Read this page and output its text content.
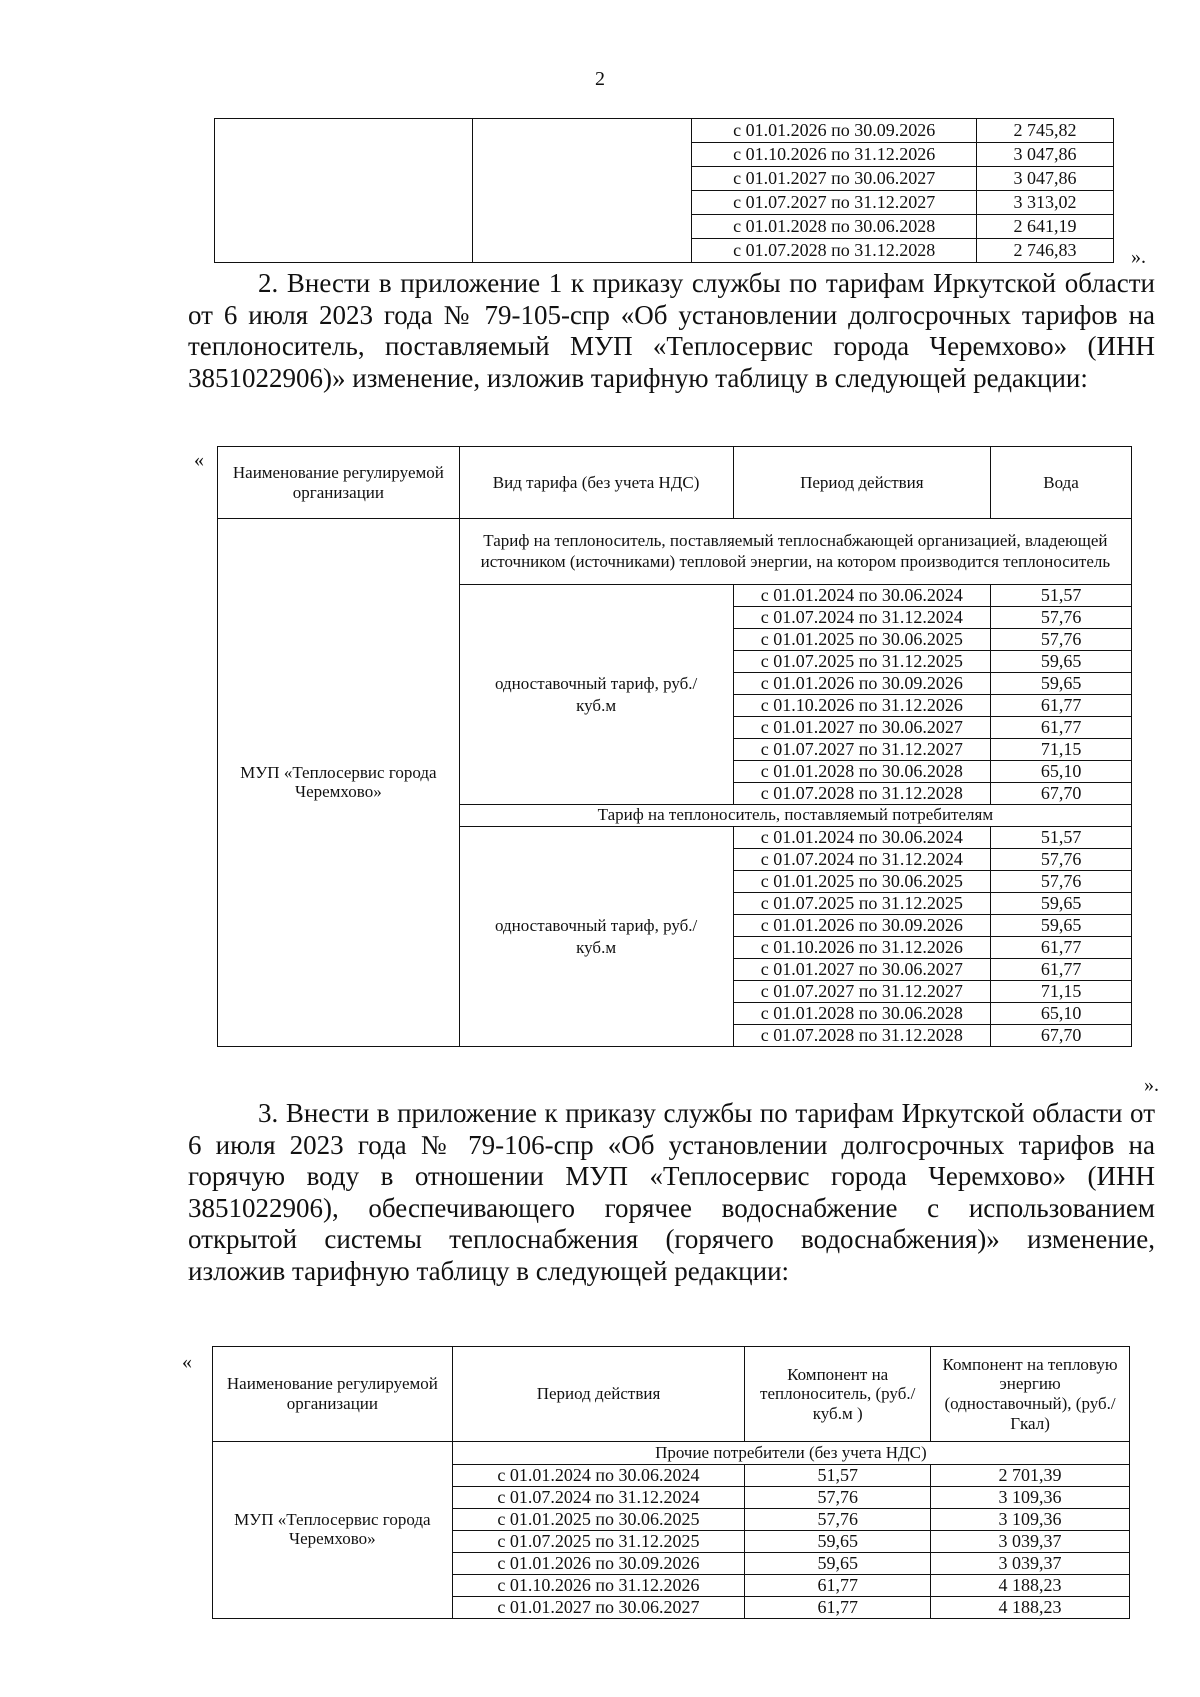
2
		с 01.01.2026 по 30.09.2026	2 745,82
		с 01.10.2026 по 31.12.2026	3 047,86
		с 01.01.2027 по 30.06.2027	3 047,86
		с 01.07.2027 по 31.12.2027	3 313,02
		с 01.01.2028 по 30.06.2028	2 641,19
		с 01.07.2028 по 31.12.2028	2 746,83	».

2. Внести в приложение 1 к приказу службы по тарифам Иркутской области от 6 июля 2023 года № 79-105-спр «Об установлении долгосрочных тарифов на теплоноситель, поставляемый МУП «Теплосервис города Черемхово» (ИНН 3851022906)» изменение, изложив тарифную таблицу в следующей редакции:

«
Наименование регулируемой организации	Вид тарифа (без учета НДС)	Период действия	Вода
МУП «Теплосервис города Черемхово»	Тариф на теплоноситель, поставляемый теплоснабжающей организацией, владеющей источником (источниками) тепловой энергии, на котором производится теплоноситель		
	одноставочный тариф, руб./куб.м	с 01.01.2024 по 30.06.2024	51,57
		с 01.07.2024 по 31.12.2024	57,76
		с 01.01.2025 по 30.06.2025	57,76
		с 01.07.2025 по 31.12.2025	59,65
		с 01.01.2026 по 30.09.2026	59,65
		с 01.10.2026 по 31.12.2026	61,77
		с 01.01.2027 по 30.06.2027	61,77
		с 01.07.2027 по 31.12.2027	71,15
		с 01.01.2028 по 30.06.2028	65,10
		с 01.07.2028 по 31.12.2028	67,70
	Тариф на теплоноситель, поставляемый потребителям		
	одноставочный тариф, руб./куб.м	с 01.01.2024 по 30.06.2024	51,57
		с 01.07.2024 по 31.12.2024	57,76
		с 01.01.2025 по 30.06.2025	57,76
		с 01.07.2025 по 31.12.2025	59,65
		с 01.01.2026 по 30.09.2026	59,65
		с 01.10.2026 по 31.12.2026	61,77
		с 01.01.2027 по 30.06.2027	61,77
		с 01.07.2027 по 31.12.2027	71,15
		с 01.01.2028 по 30.06.2028	65,10
		с 01.07.2028 по 31.12.2028	67,70
».

3. Внести в приложение к приказу службы по тарифам Иркутской области от 6 июля 2023 года № 79-106-спр «Об установлении долгосрочных тарифов на горячую воду в отношении МУП «Теплосервис города Черемхово» (ИНН 3851022906), обеспечивающего горячее водоснабжение с использованием открытой системы теплоснабжения (горячего водоснабжения)» изменение, изложив тарифную таблицу в следующей редакции:

«
Наименование регулируемой организации	Период действия	Компонент на теплоноситель, (руб./куб.м )	Компонент на тепловую энергию (одноставочный), (руб./Гкал)
МУП «Теплосервис города Черемхово»	Прочие потребители (без учета НДС)		
	с 01.01.2024 по 30.06.2024	51,57	2 701,39
	с 01.07.2024 по 31.12.2024	57,76	3 109,36
	с 01.01.2025 по 30.06.2025	57,76	3 109,36
	с 01.07.2025 по 31.12.2025	59,65	3 039,37
	с 01.01.2026 по 30.09.2026	59,65	3 039,37
	с 01.10.2026 по 31.12.2026	61,77	4 188,23
	с 01.01.2027 по 30.06.2027	61,77	4 188,23
